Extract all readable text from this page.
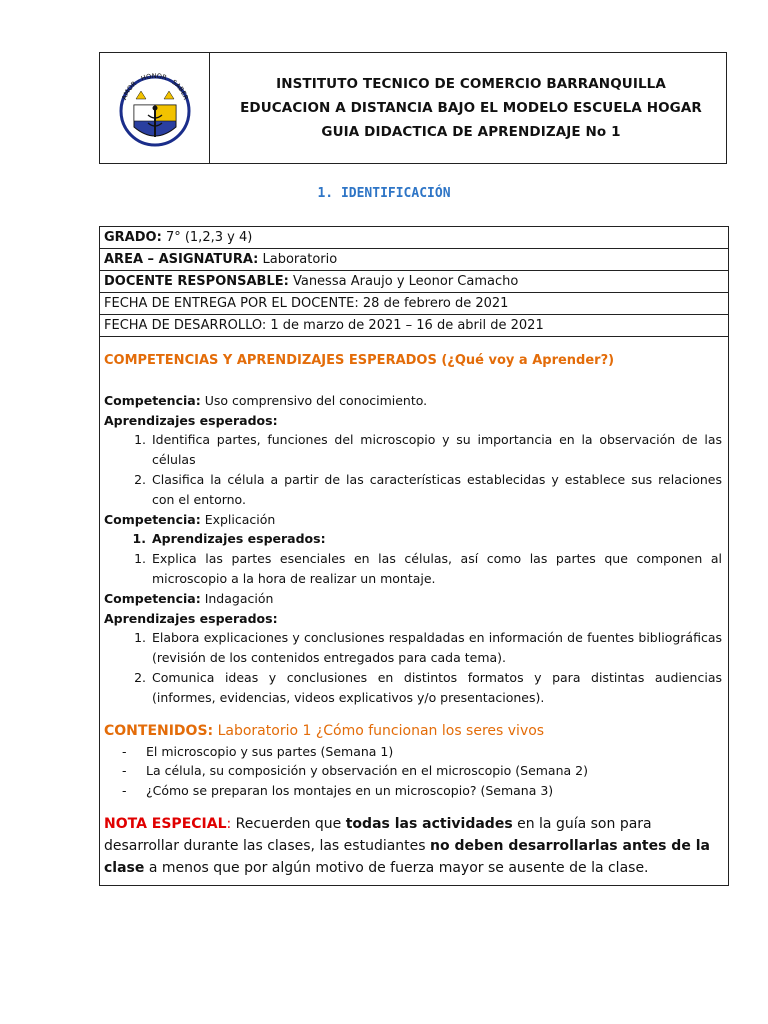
AMOR · HONOR · SABER
INSTITUTO TECNICO DE COMERCIO BARRANQUILLA
EDUCACION A DISTANCIA BAJO EL MODELO ESCUELA HOGAR
GUIA DIDACTICA DE APRENDIZAJE No 1
1. IDENTIFICACIÓN
GRADO: 7° (1,2,3 y 4)
AREA – ASIGNATURA: Laboratorio
DOCENTE RESPONSABLE: Vanessa Araujo y Leonor Camacho
FECHA DE ENTREGA POR EL DOCENTE: 28 de febrero de 2021
FECHA DE DESARROLLO: 1 de marzo de 2021 – 16 de abril de 2021
COMPETENCIAS Y APRENDIZAJES ESPERADOS (¿Qué voy a Aprender?)
Competencia: Uso comprensivo del conocimiento.
Aprendizajes esperados:
1. Identifica partes, funciones del microscopio y su importancia en la observación de las células
2. Clasifica la célula a partir de las características establecidas y establece sus relaciones con el entorno.
Competencia: Explicación
1. Aprendizajes esperados:
1. Explica las partes esenciales en las células, así como las partes que componen al microscopio a la hora de realizar un montaje.
Competencia: Indagación
Aprendizajes esperados:
1. Elabora explicaciones y conclusiones respaldadas en información de fuentes bibliográficas (revisión de los contenidos entregados para cada tema).
2. Comunica ideas y conclusiones en distintos formatos y para distintas audiencias (informes, evidencias, videos explicativos y/o presentaciones).
CONTENIDOS: Laboratorio 1 ¿Cómo funcionan los seres vivos
-	El microscopio y sus partes (Semana 1)
-	La célula, su composición y observación en el microscopio (Semana 2)
-	¿Cómo se preparan los montajes en un microscopio? (Semana 3)
NOTA ESPECIAL: Recuerden que todas las actividades en la guía son para desarrollar durante las clases, las estudiantes no deben desarrollarlas antes de la clase a menos que por algún motivo de fuerza mayor se ausente de la clase.
